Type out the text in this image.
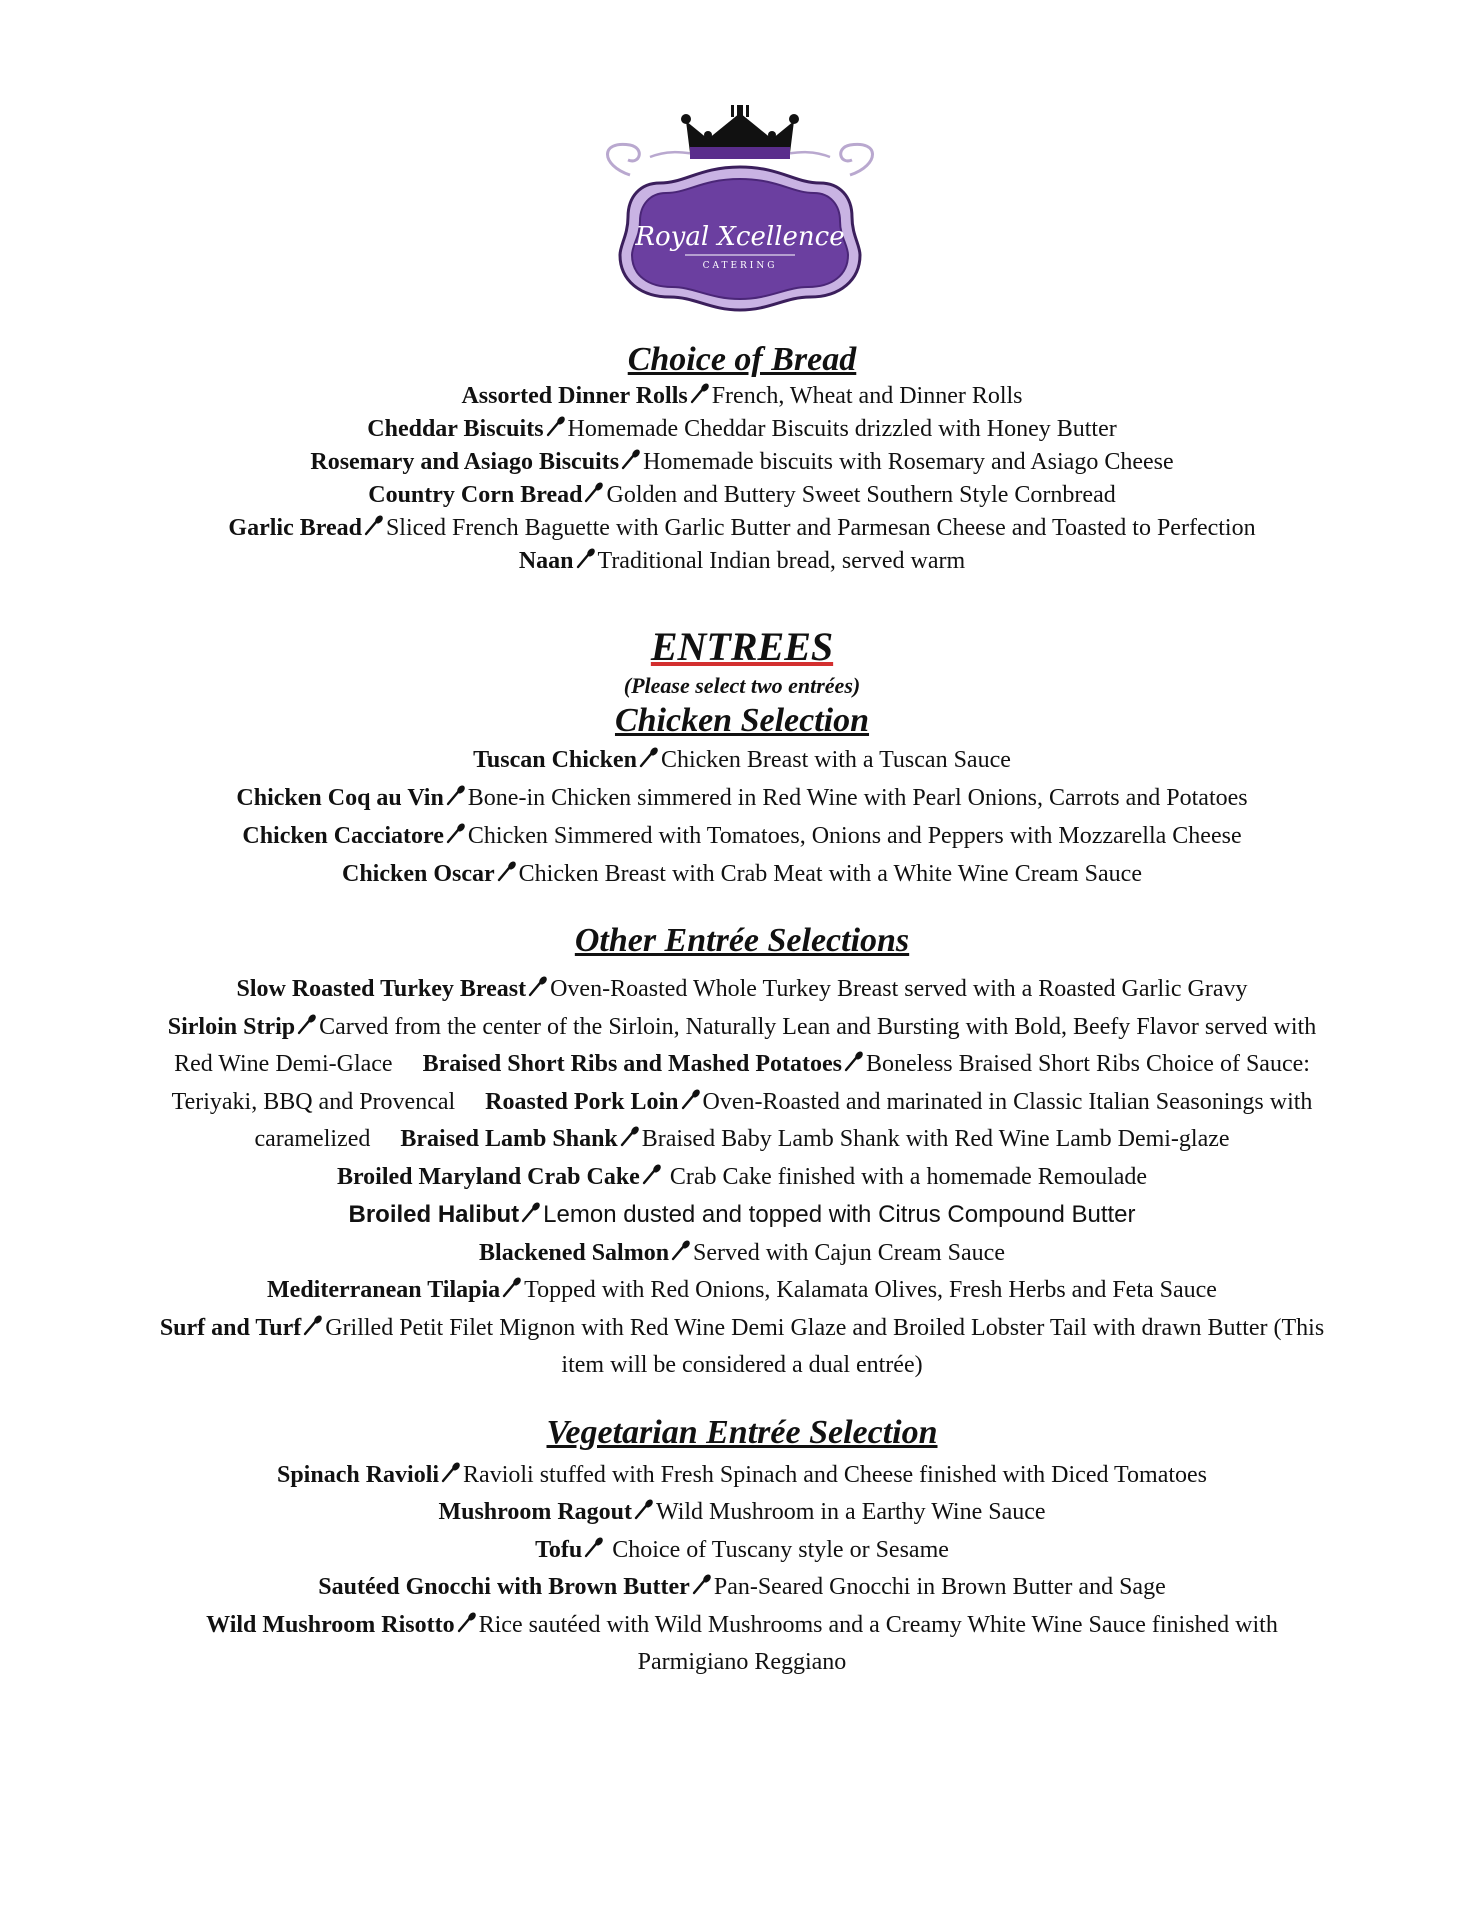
Royal Xcellence
CATERING
Choice of Bread

Assorted Dinner Rolls French, Wheat and Dinner Rolls

Cheddar Biscuits Homemade Cheddar Biscuits drizzled with Honey Butter

Rosemary and Asiago Biscuits Homemade biscuits with Rosemary and Asiago Cheese

Country Corn Bread Golden and Buttery Sweet Southern Style Cornbread

Garlic Bread Sliced French Baguette with Garlic Butter and Parmesan Cheese and Toasted to Perfection

Naan Traditional Indian bread, served warm

ENTREES

(Please select two entrées)

Chicken Selection

Tuscan Chicken Chicken Breast with a Tuscan Sauce

Chicken Coq au Vin Bone-in Chicken simmered in Red Wine with Pearl Onions, Carrots and Potatoes

Chicken Cacciatore Chicken Simmered with Tomatoes, Onions and Peppers with Mozzarella Cheese

Chicken Oscar Chicken Breast with Crab Meat with a White Wine Cream Sauce

Other Entrée Selections

Slow Roasted Turkey Breast Oven-Roasted Whole Turkey Breast served with a Roasted Garlic Gravy
Sirloin Strip Carved from the center of the Sirloin, Naturally Lean and Bursting with Bold, Beefy Flavor served with Red Wine Demi-Glace  Braised Short Ribs and Mashed Potatoes Boneless Braised Short Ribs Choice of Sauce: Teriyaki, BBQ and Provencal  Roasted Pork Loin Oven-Roasted and marinated in Classic Italian Seasonings with caramelized  Braised Lamb Shank Braised Baby Lamb Shank with Red Wine Lamb Demi-glaze

Broiled Maryland Crab Cake Crab Cake finished with a homemade Remoulade

Broiled Halibut Lemon dusted and topped with Citrus Compound Butter

Blackened Salmon Served with Cajun Cream Sauce

Mediterranean Tilapia Topped with Red Onions, Kalamata Olives, Fresh Herbs and Feta Sauce

Surf and Turf Grilled Petit Filet Mignon with Red Wine Demi Glaze and Broiled Lobster Tail with drawn Butter (This item will be considered a dual entrée)

Vegetarian Entrée Selection

Spinach Ravioli Ravioli stuffed with Fresh Spinach and Cheese finished with Diced Tomatoes

Mushroom Ragout Wild Mushroom in a Earthy Wine Sauce

Tofu Choice of Tuscany style or Sesame

Sautéed Gnocchi with Brown Butter Pan-Seared Gnocchi in Brown Butter and Sage

Wild Mushroom Risotto Rice sautéed with Wild Mushrooms and a Creamy White Wine Sauce finished with Parmigiano Reggiano
